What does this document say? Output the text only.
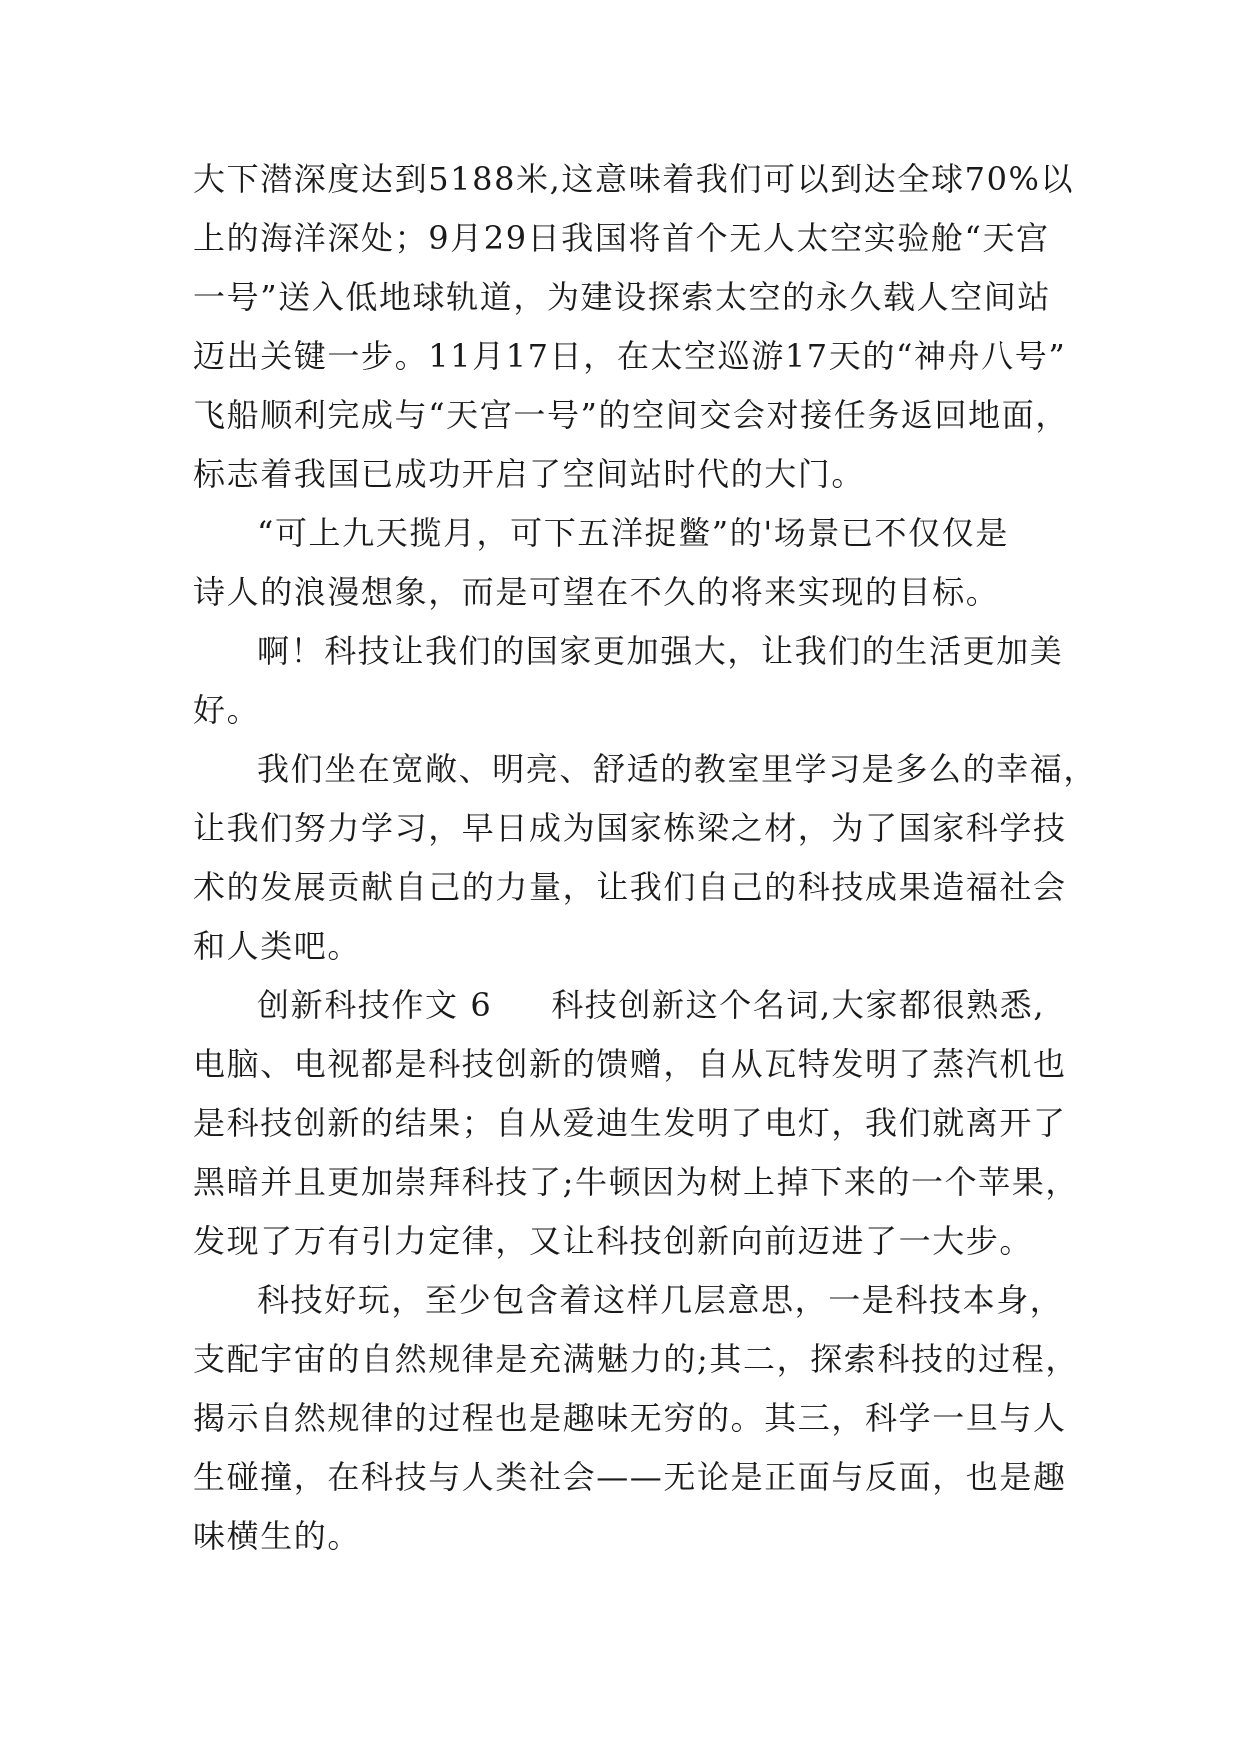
大下潜深度达到5188米,这意味着我们可以到达全球70%以
上的海洋深处；9月29日我国将首个无人太空实验舱“天宫
一号”送入低地球轨道，为建设探索太空的永久载人空间站
迈出关键一步。11月17日，在太空巡游17天的“神舟八号”
飞船顺利完成与“天宫一号”的空间交会对接任务返回地面，
标志着我国已成功开启了空间站时代的大门。
“可上九天揽月，可下五洋捉鳖”的'场景已不仅仅是
诗人的浪漫想象，而是可望在不久的将来实现的目标。
啊！科技让我们的国家更加强大，让我们的生活更加美
好。
我们坐在宽敞、明亮、舒适的教室里学习是多么的幸福，
让我们努力学习，早日成为国家栋梁之材，为了国家科学技
术的发展贡献自己的力量，让我们自己的科技成果造福社会
和人类吧。
创新科技作文 6     科技创新这个名词,大家都很熟悉,
电脑、电视都是科技创新的馈赠，自从瓦特发明了蒸汽机也
是科技创新的结果；自从爱迪生发明了电灯，我们就离开了
黑暗并且更加崇拜科技了;牛顿因为树上掉下来的一个苹果，
发现了万有引力定律，又让科技创新向前迈进了一大步。
科技好玩，至少包含着这样几层意思，一是科技本身，
支配宇宙的自然规律是充满魅力的;其二，探索科技的过程，
揭示自然规律的过程也是趣味无穷的。其三，科学一旦与人
生碰撞，在科技与人类社会——无论是正面与反面，也是趣
味横生的。
